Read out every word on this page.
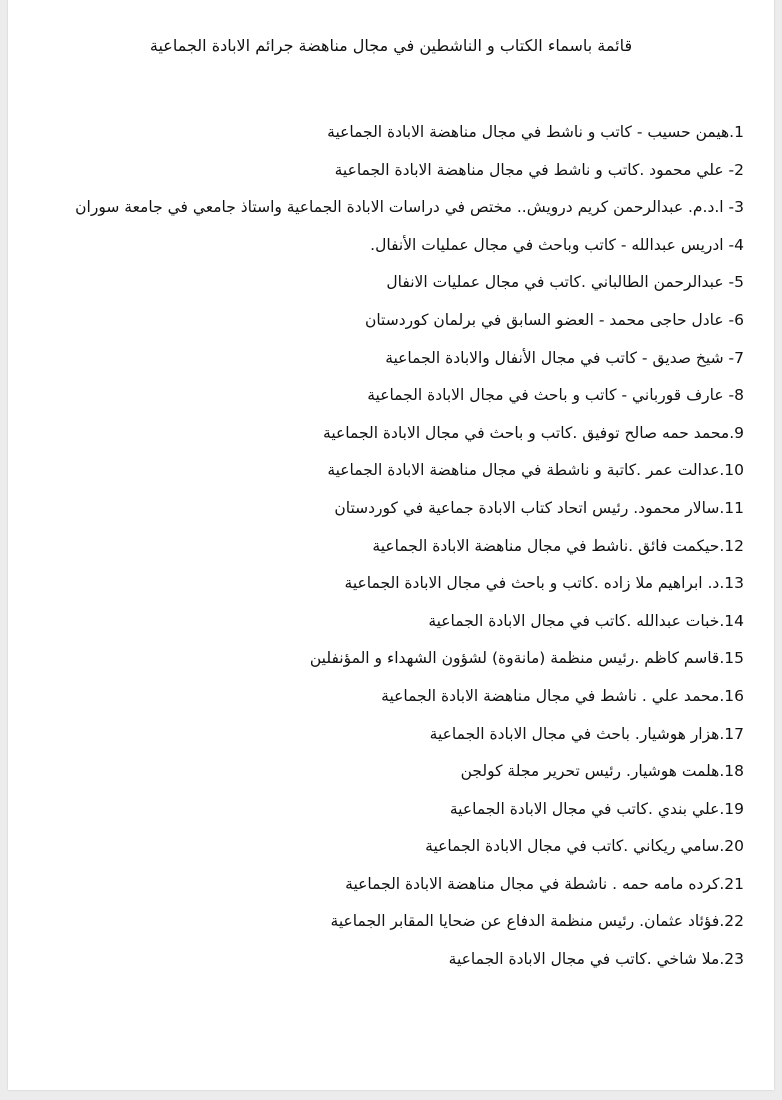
قائمة باسماء الكتاب و الناشطين في مجال مناهضة جرائم الابادة الجماعية
1.هيمن حسيب - كاتب و ناشط في مجال مناهضة الابادة الجماعية
2- علي محمود .كاتب و ناشط في مجال مناهضة الابادة الجماعية
3- ا.د.م. عبدالرحمن كريم درويش.. مختص في دراسات الابادة الجماعية واستاذ جامعي في جامعة سوران
4- ادريس عبدالله - كاتب وباحث في مجال عمليات الأنفال.
5- عبدالرحمن الطالباني .كاتب في مجال عمليات الانفال
6- عادل حاجى محمد - العضو السابق في برلمان كوردستان
7- شيخ صديق - كاتب في مجال الأنفال والابادة الجماعية
8- عارف قورباني - كاتب و باحث في مجال الابادة الجماعية
9.محمد حمه صالح توفيق .كاتب و باحث في مجال الابادة الجماعية
10.عدالت عمر .كاتبة و ناشطة في مجال مناهضة الابادة الجماعية
11.سالار محمود. رئيس اتحاد كتاب الابادة جماعية في كوردستان
12.حيكمت فائق .ناشط في مجال مناهضة الابادة الجماعية
13.د. ابراهيم ملا زاده .كاتب و باحث في مجال الابادة الجماعية
14.خبات عبدالله .كاتب في مجال الابادة الجماعية
15.قاسم كاظم .رئيس منظمة (مانةوة) لشؤون الشهداء و المؤنفلين
16.محمد علي . ناشط في مجال مناهضة الابادة الجماعية
17.هزار هوشيار. باحث في مجال الابادة الجماعية
18.هلمت هوشيار. رئيس تحرير مجلة كولجن
19.علي بندي .كاتب في مجال الابادة الجماعية
20.سامي ريكاني .كاتب في مجال الابادة الجماعية
21.كرده مامه حمه . ناشطة في مجال مناهضة الابادة الجماعية
22.فؤئاد عثمان. رئيس منظمة الدفاع عن ضحايا المقابر الجماعية
23.ملا شاخي .كاتب في مجال الابادة الجماعية
